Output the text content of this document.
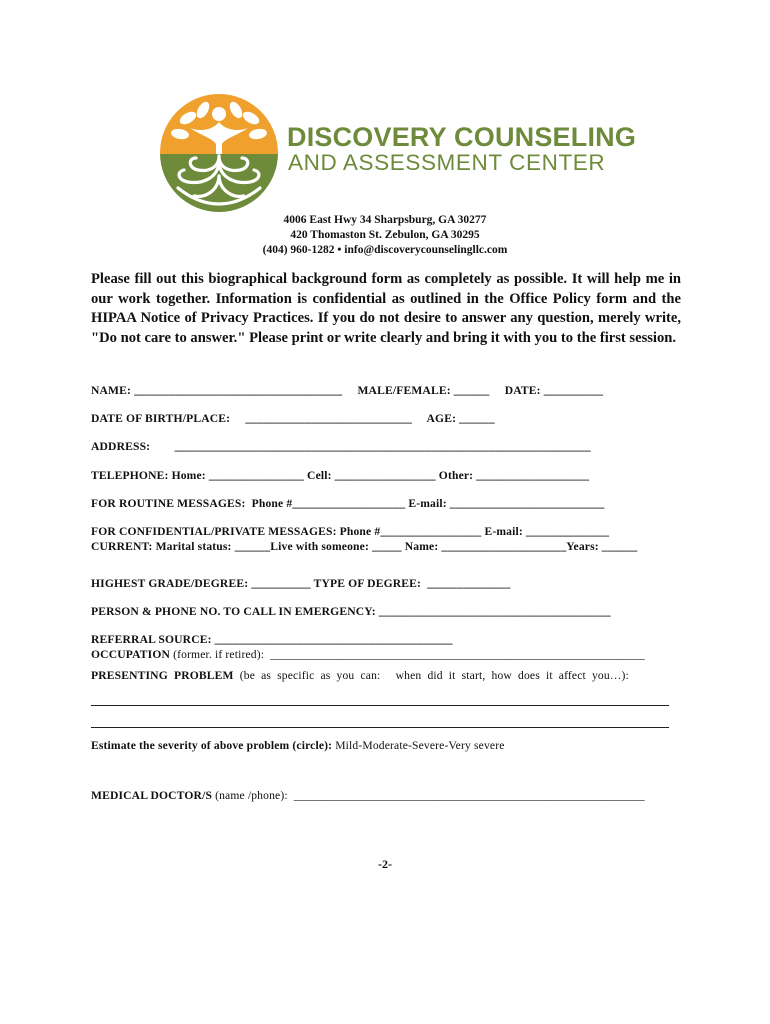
DISCOVERY COUNSELING
AND ASSESSMENT CENTER
4006 East Hwy 34 Sharpsburg, GA 30277
420 Thomaston St. Zebulon, GA 30295
(404) 960-1282 • info@discoverycounselingllc.com
Please fill out this biographical background form as completely as possible. It will help me in our work together. Information is confidential as outlined in the Office Policy form and the HIPAA Notice of Privacy Practices. If you do not desire to answer any question, merely write, "Do not care to answer." Please print or write clearly and bring it with you to the first session.
NAME: ___________________________________     MALE/FEMALE: ______     DATE: __________
DATE OF BIRTH/PLACE:     ____________________________     AGE: ______
ADDRESS:        ______________________________________________________________________
TELEPHONE: Home: ________________ Cell: _________________ Other: ___________________
FOR ROUTINE MESSAGES:  Phone #___________________ E-mail: __________________________
FOR CONFIDENTIAL/PRIVATE MESSAGES: Phone #_________________ E-mail: ______________
CURRENT: Marital status: ______Live with someone: _____ Name: _____________________Years: ______
HIGHEST GRADE/DEGREE: __________ TYPE OF DEGREE:  ______________
PERSON & PHONE NO. TO CALL IN EMERGENCY: _______________________________________
REFERRAL SOURCE: ________________________________________
OCCUPATION (former. if retired):  _______________________________________________________________
PRESENTING  PROBLEM  (be  as  specific  as  you  can:     when  did  it  start,  how  does  it  affect  you…):
Estimate the severity of above problem (circle): Mild-Moderate-Severe-Very severe
MEDICAL DOCTOR/S (name /phone):  ___________________________________________________________
-2-
